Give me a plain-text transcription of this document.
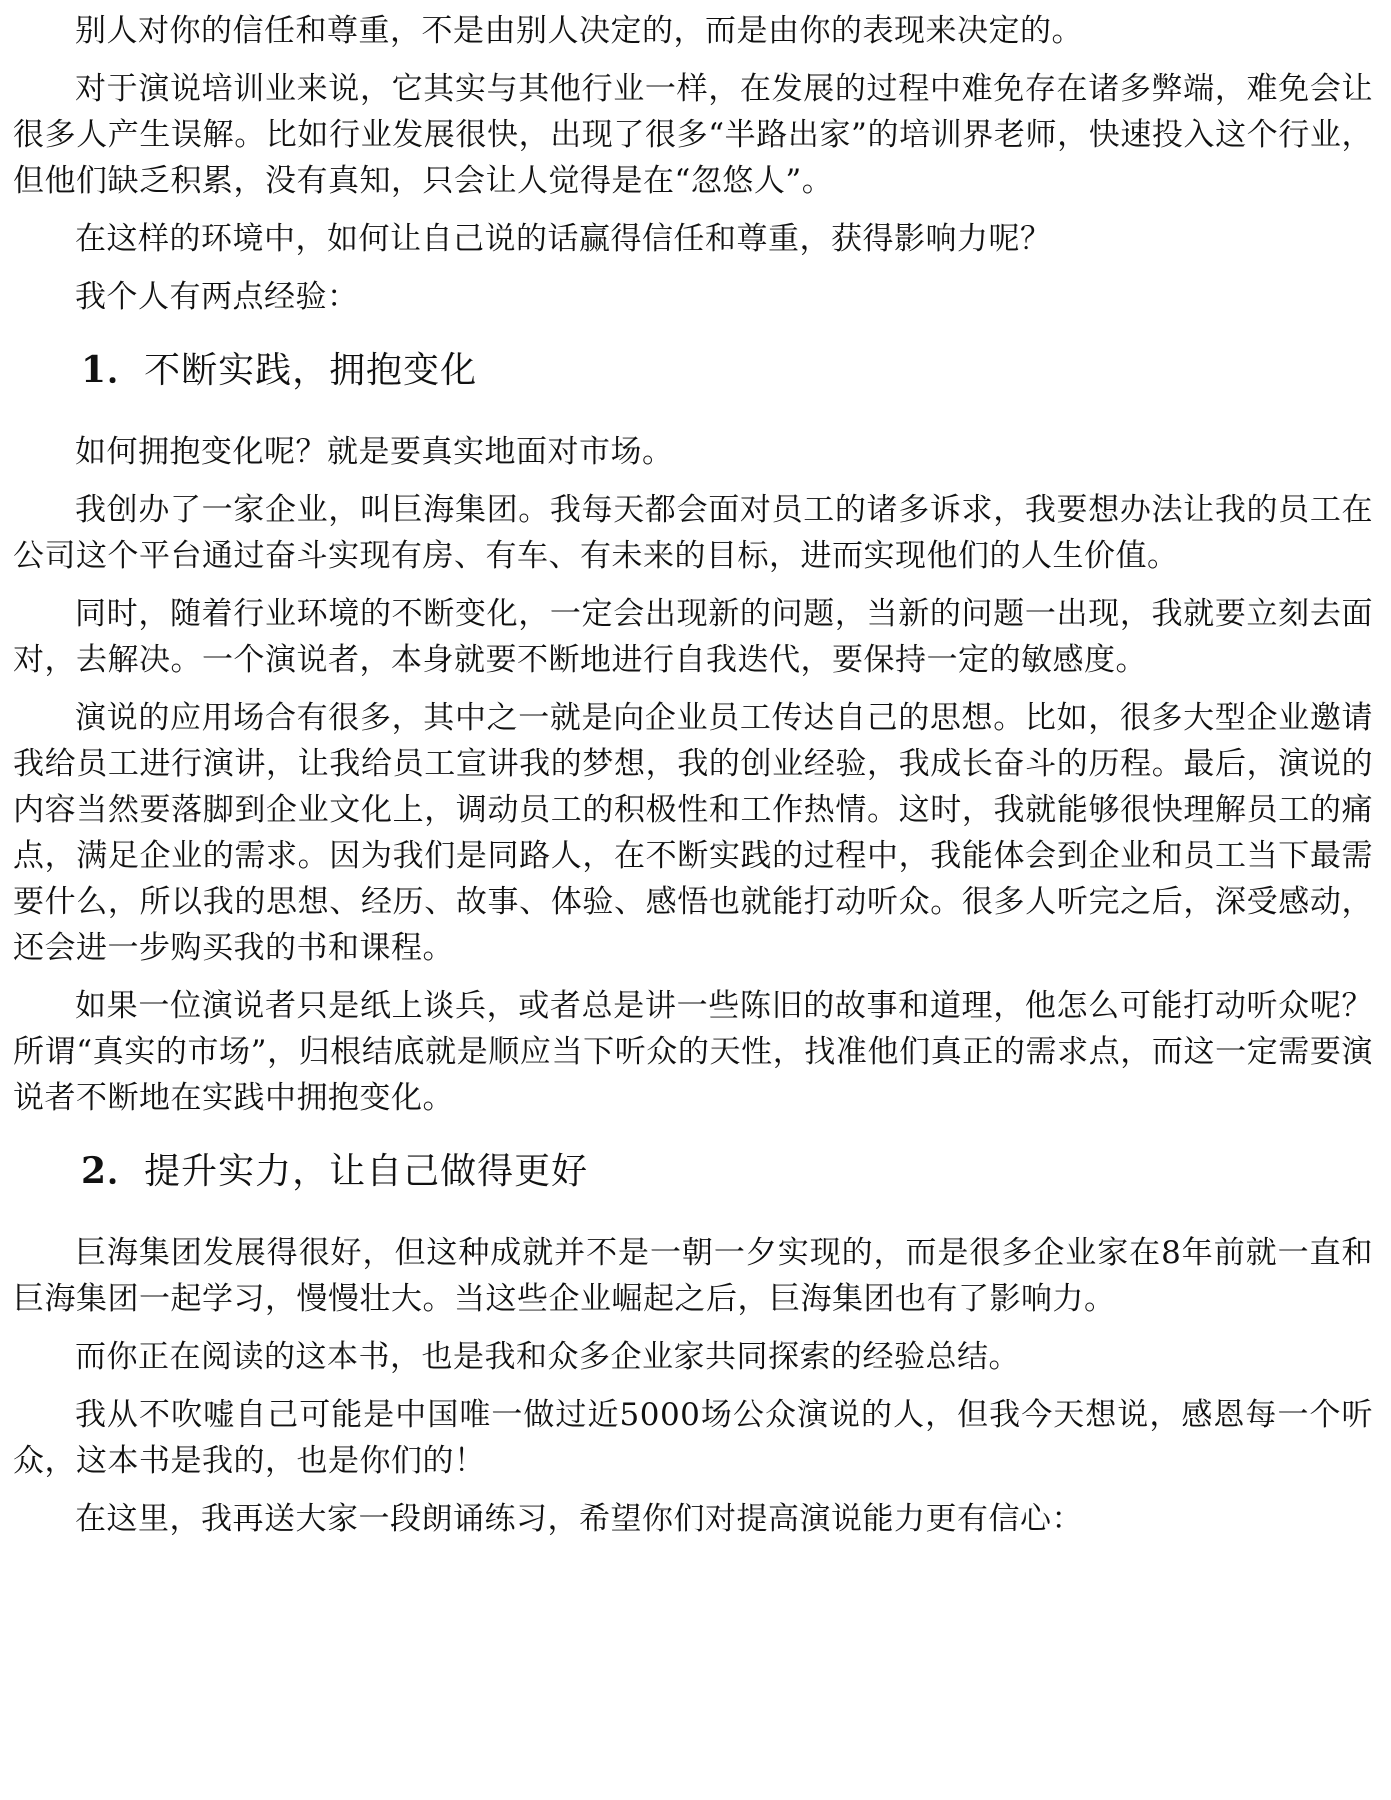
别人对你的信任和尊重，不是由别人决定的，而是由你的表现来决定的。

对于演说培训业来说，它其实与其他行业一样，在发展的过程中难免存在诸多弊端，难免会让很多人产生误解。比如行业发展很快，出现了很多“半路出家”的培训界老师，快速投入这个行业，但他们缺乏积累，没有真知，只会让人觉得是在“忽悠人”。

在这样的环境中，如何让自己说的话赢得信任和尊重，获得影响力呢？

我个人有两点经验：

1．不断实践，拥抱变化

如何拥抱变化呢？就是要真实地面对市场。

我创办了一家企业，叫巨海集团。我每天都会面对员工的诸多诉求，我要想办法让我的员工在公司这个平台通过奋斗实现有房、有车、有未来的目标，进而实现他们的人生价值。

同时，随着行业环境的不断变化，一定会出现新的问题，当新的问题一出现，我就要立刻去面对，去解决。一个演说者，本身就要不断地进行自我迭代，要保持一定的敏感度。

演说的应用场合有很多，其中之一就是向企业员工传达自己的思想。比如，很多大型企业邀请我给员工进行演讲，让我给员工宣讲我的梦想，我的创业经验，我成长奋斗的历程。最后，演说的内容当然要落脚到企业文化上，调动员工的积极性和工作热情。这时，我就能够很快理解员工的痛点，满足企业的需求。因为我们是同路人，在不断实践的过程中，我能体会到企业和员工当下最需要什么，所以我的思想、经历、故事、体验、感悟也就能打动听众。很多人听完之后，深受感动，还会进一步购买我的书和课程。

如果一位演说者只是纸上谈兵，或者总是讲一些陈旧的故事和道理，他怎么可能打动听众呢？所谓“真实的市场”，归根结底就是顺应当下听众的天性，找准他们真正的需求点，而这一定需要演说者不断地在实践中拥抱变化。

2．提升实力，让自己做得更好

巨海集团发展得很好，但这种成就并不是一朝一夕实现的，而是很多企业家在8年前就一直和巨海集团一起学习，慢慢壮大。当这些企业崛起之后，巨海集团也有了影响力。

而你正在阅读的这本书，也是我和众多企业家共同探索的经验总结。

我从不吹嘘自己可能是中国唯一做过近5000场公众演说的人，但我今天想说，感恩每一个听众，这本书是我的，也是你们的！

在这里，我再送大家一段朗诵练习，希望你们对提高演说能力更有信心：
